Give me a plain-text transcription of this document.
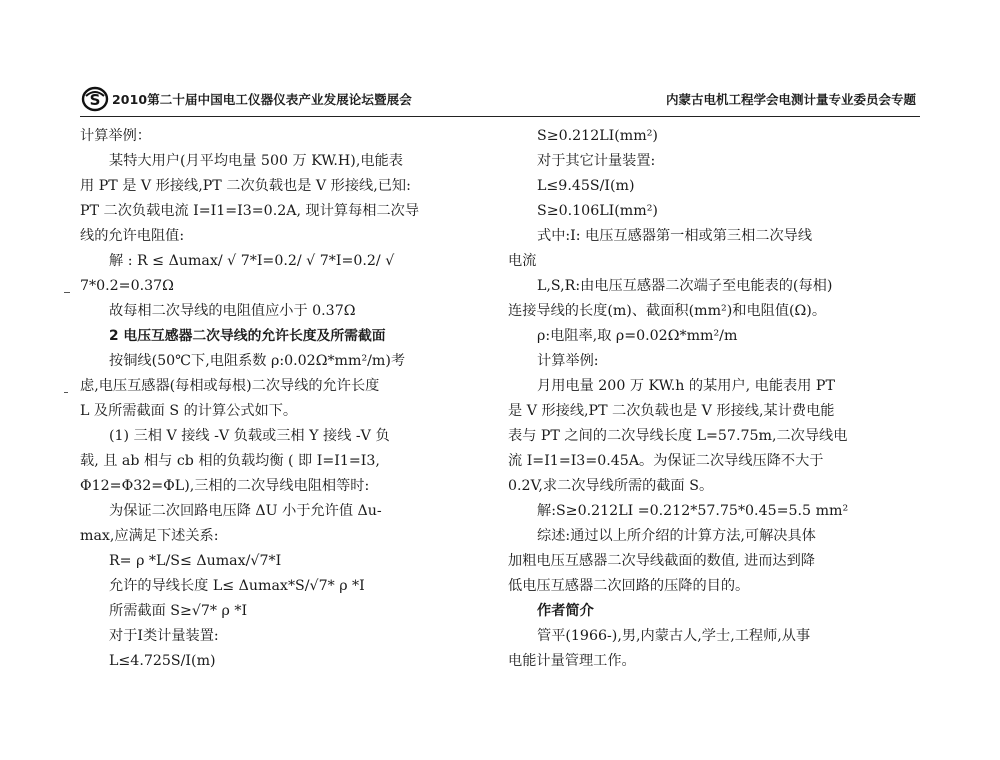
S 2010第二十届中国电工仪器仪表产业发展论坛暨展会	内蒙古电机工程学会电测计量专业委员会专题
计算举例：
某特大用户(月平均电量 500 万 KW.H),电能表
用 PT 是 V 形接线,PT 二次负载也是 V 形接线,已知:
PT 二次负载电流 I=I1=I3=0.2A, 现计算每相二次导
线的允许电阻值:
解 : R ≤ Δumax/ √ 7*I=0.2/ √ 7*I=0.2/ √
7*0.2=0.37Ω
故每相二次导线的电阻值应小于 0.37Ω
2 电压互感器二次导线的允许长度及所需截面
按铜线(50℃下,电阻系数 ρ:0.02Ω*mm²/m)考
虑,电压互感器(每相或每根)二次导线的允许长度
L 及所需截面 S 的计算公式如下。
(1) 三相 V 接线 -V 负载或三相 Y 接线 -V 负
载, 且 ab 相与 cb 相的负载均衡 ( 即 I=I1=I3,
Φ12=Φ32=ΦL),三相的二次导线电阻相等时:
为保证二次回路电压降 ΔU 小于允许值 Δu-
max,应满足下述关系:
R= ρ *L/S≤ Δumax/√7*I
允许的导线长度 L≤ Δumax*S/√7* ρ *I
所需截面 S≥√7* ρ *I
对于Ⅰ类计量装置:
L≤4.725S/I(m)
S≥0.212LI(mm²)
对于其它计量装置:
L≤9.45S/I(m)
S≥0.106LI(mm²)
式中:I: 电压互感器第一相或第三相二次导线
电流
L,S,R:由电压互感器二次端子至电能表的(每相)
连接导线的长度(m)、截面积(mm²)和电阻值(Ω)。
ρ:电阻率,取 ρ=0.02Ω*mm²/m
计算举例:
月用电量 200 万 KW.h 的某用户, 电能表用 PT
是 V 形接线,PT 二次负载也是 V 形接线,某计费电能
表与 PT 之间的二次导线长度 L=57.75m,二次导线电
流 I=I1=I3=0.45A。为保证二次导线压降不大于
0.2V,求二次导线所需的截面 S。
解:S≥0.212LI =0.212*57.75*0.45=5.5 mm²
综述:通过以上所介绍的计算方法,可解决具体
加粗电压互感器二次导线截面的数值, 进而达到降
低电压互感器二次回路的压降的目的。
作者简介
管平(1966-),男,内蒙古人,学士,工程师,从事
电能计量管理工作。
